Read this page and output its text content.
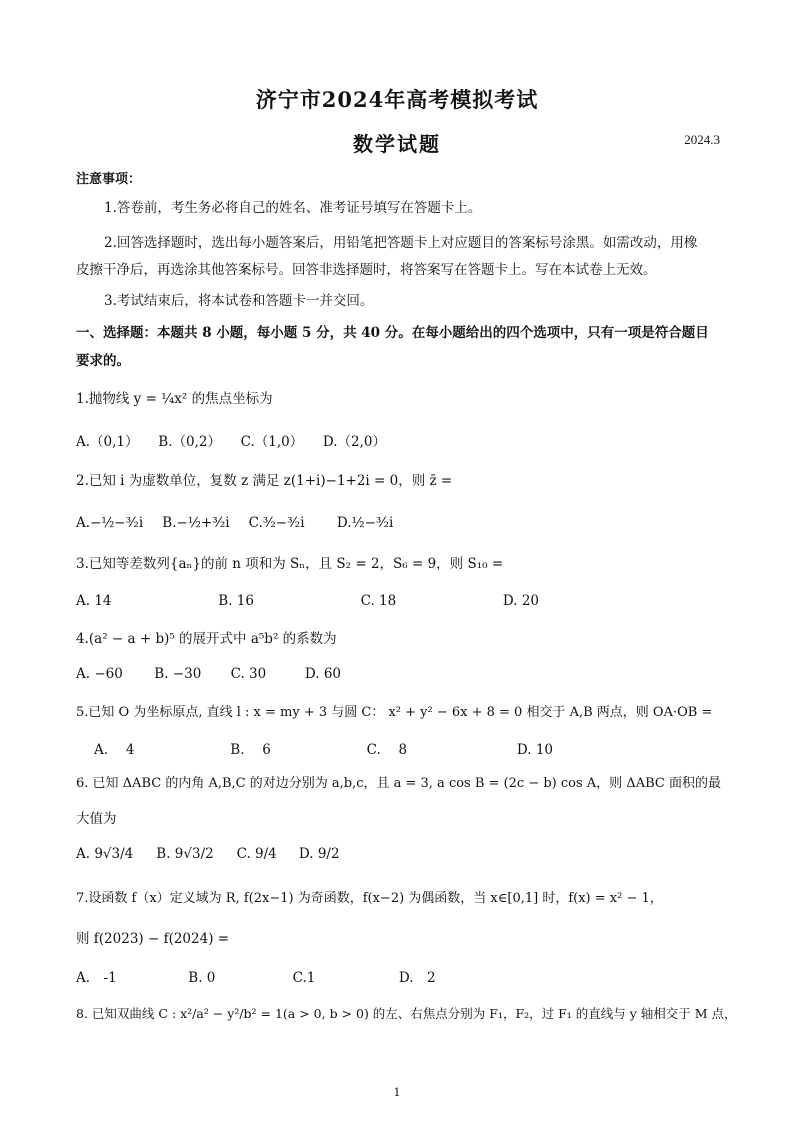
济宁市2024年高考模拟考试
数学试题	2024.3
注意事项：
1.答卷前，考生务必将自己的姓名、准考证号填写在答题卡上。
2.回答选择题时，选出每小题答案后，用铅笔把答题卡上对应题目的答案标号涂黑。如需改动，用橡
皮擦干净后，再选涂其他答案标号。回答非选择题时，将答案写在答题卡上。写在本试卷上无效。
3.考试结束后，将本试卷和答题卡一并交回。
一、选择题：本题共 8 小题，每小题 5 分，共 40 分。在每小题给出的四个选项中，只有一项是符合题目
要求的。
1.抛物线 y = ¼x² 的焦点坐标为
A.（0,1） B.（0,2） C.（1,0） D.（2,0）
2.已知 i 为虚数单位，复数 z 满足 z(1+i)−1+2i = 0，则 z̄ =
A.−½−³⁄₂i B.−½+³⁄₂i C.³⁄₂−³⁄₂i D.½−³⁄₂i
3.已知等差数列{aₙ}的前 n 项和为 Sₙ，且 S₂ = 2，S₆ = 9，则 S₁₀ =
A. 14	B. 16	C. 18	D. 20
4.(a² − a + b)⁵ 的展开式中 a⁵b² 的系数为
A. −60 B. −30 C. 30	D. 60
5.已知 O 为坐标原点, 直线 l : x = my + 3 与圆 C： x² + y² − 6x + 8 = 0 相交于 A,B 两点，则 OA·OB =
A.　 4	B.　 6	C.　 8	D. 10
6. 已知 ΔABC 的内角 A,B,C 的对边分别为 a,b,c，且 a = 3, a cos B = (2c − b) cos A，则 ΔABC 面积的最
大值为
A. 9√3/4 B. 9√3/2 C. 9/4 D. 9/2
7.设函数 f（x）定义域为 R, f(2x−1) 为奇函数，f(x−2) 为偶函数，当 x∈[0,1] 时，f(x) = x² − 1，
则 f(2023) − f(2024) =
A.　-1	B. 0	C.1	D.　2
8. 已知双曲线 C : x²/a² − y²/b² = 1(a > 0, b > 0) 的左、右焦点分别为 F₁，F₂，过 F₁ 的直线与 y 轴相交于 M 点，
1
